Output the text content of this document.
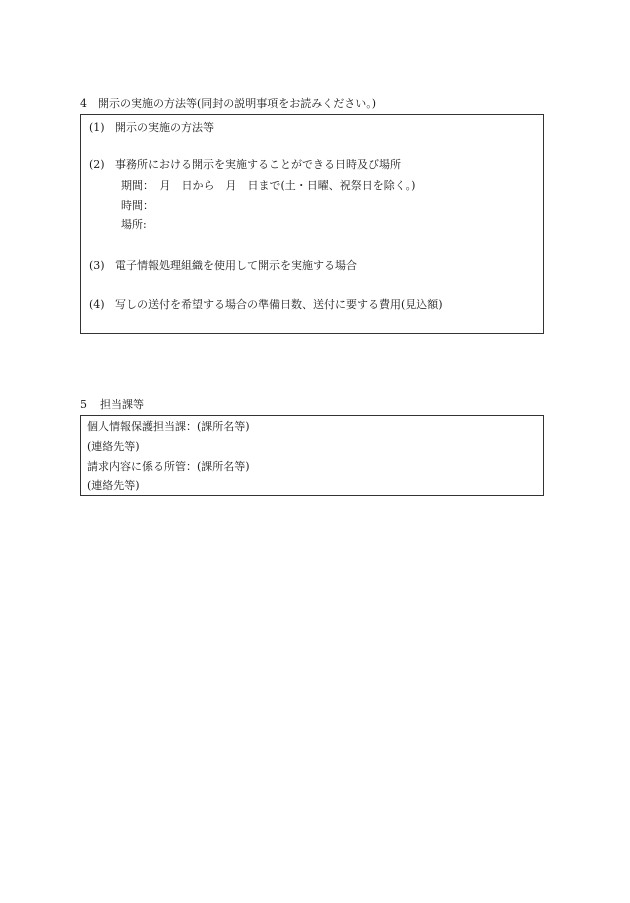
4 開示の実施の方法等(同封の説明事項をお読みください。)
(1) 開示の実施の方法等
(2) 事務所における開示を実施することができる日時及び場所
期間：　月　日から　月　日まで(土・日曜、祝祭日を除く。)
時間：
場所:
(3) 電子情報処理組織を使用して開示を実施する場合
(4) 写しの送付を希望する場合の準備日数、送付に要する費用(見込額)
5 担当課等
個人情報保護担当課：(課所名等)
(連絡先等)
請求内容に係る所管：(課所名等)
(連絡先等)
